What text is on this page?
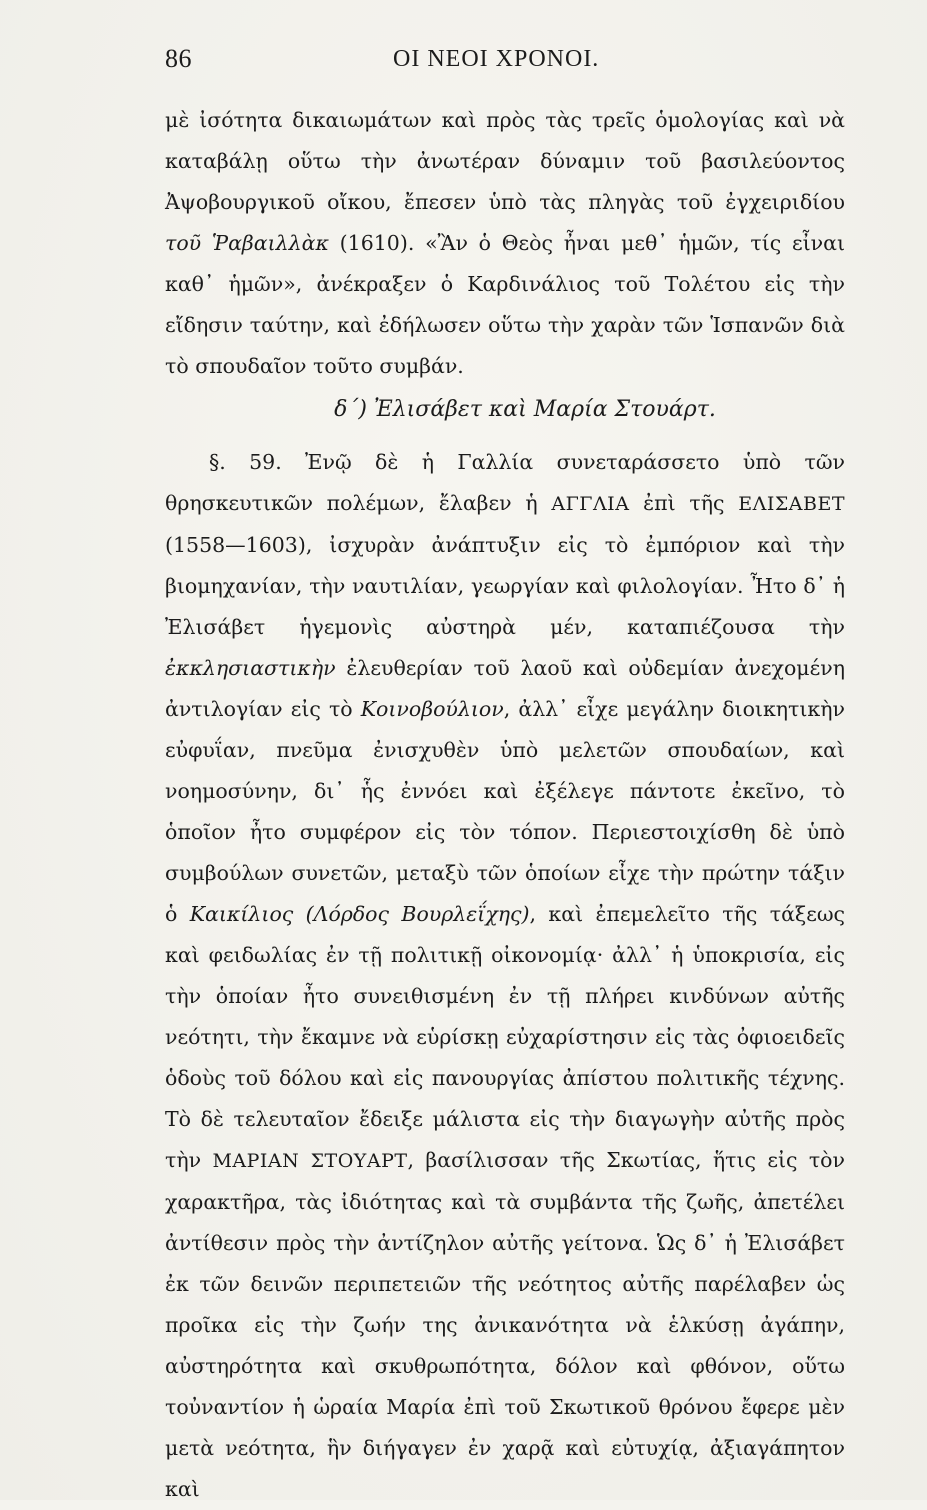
86	ΟΙ ΝΕΟΙ ΧΡΟΝΟΙ.

μὲ ἰσότητα δικαιωμάτων καὶ πρὸς τὰς τρεῖς ὁμολογίας καὶ νὰ καταβάλῃ οὕτω τὴν ἀνωτέραν δύναμιν τοῦ βασιλεύοντος Ἀψοβουργικοῦ οἴκου, ἔπεσεν ὑπὸ τὰς πληγὰς τοῦ ἐγχειριδίου τοῦ Ῥαβαιλλὰκ (1610). «Ἂν ὁ Θεὸς ἦναι μεθ᾽ ἡμῶν, τίς εἶναι καθ᾽ ἡμῶν», ἀνέκραξεν ὁ Καρδινάλιος τοῦ Τολέτου εἰς τὴν εἴδησιν ταύτην, καὶ ἐδήλωσεν οὕτω τὴν χαρὰν τῶν Ἱσπανῶν διὰ τὸ σπουδαῖον τοῦτο συμβάν.

δ´) Ἐλισάβετ καὶ Μαρία Στουάρτ.

§. 59. Ἐνῷ δὲ ἡ Γαλλία συνεταράσσετο ὑπὸ τῶν θρησκευτικῶν πολέμων, ἔλαβεν ἡ ΑΓΓΛΙΑ ἐπὶ τῆς ΕΛΙΣΑΒΕΤ (1558—1603), ἰσχυρὰν ἀνάπτυξιν εἰς τὸ ἐμπόριον καὶ τὴν βιομηχανίαν, τὴν ναυτιλίαν, γεωργίαν καὶ φιλολογίαν. Ἦτο δ᾽ ἡ Ἐλισάβετ ἡγεμονὶς αὐστηρὰ μέν, καταπιέζουσα τὴν ἐκκλησιαστικὴν ἐλευθερίαν τοῦ λαοῦ καὶ οὐδεμίαν ἀνεχομένη ἀντιλογίαν εἰς τὸ Κοινοβούλιον, ἀλλ᾽ εἶχε μεγάλην διοικητικὴν εὐφυΐαν, πνεῦμα ἐνισχυθὲν ὑπὸ μελετῶν σπουδαίων, καὶ νοημοσύνην, δι᾽ ἧς ἐννόει καὶ ἐξέλεγε πάντοτε ἐκεῖνο, τὸ ὁποῖον ἦτο συμφέρον εἰς τὸν τόπον. Περιεστοιχίσθη δὲ ὑπὸ συμβούλων συνετῶν, μεταξὺ τῶν ὁποίων εἶχε τὴν πρώτην τάξιν ὁ Καικίλιος (Λόρδος Βουρλεΐχης), καὶ ἐπεμελεῖτο τῆς τάξεως καὶ φειδωλίας ἐν τῇ πολιτικῇ οἰκονομίᾳ· ἀλλ᾽ ἡ ὑποκρισία, εἰς τὴν ὁποίαν ἦτο συνειθισμένη ἐν τῇ πλήρει κινδύνων αὐτῆς νεότητι, τὴν ἔκαμνε νὰ εὑρίσκῃ εὐχαρίστησιν εἰς τὰς ὀφιοειδεῖς ὁδοὺς τοῦ δόλου καὶ εἰς πανουργίας ἀπίστου πολιτικῆς τέχνης. Τὸ δὲ τελευταῖον ἔδειξε μάλιστα εἰς τὴν διαγωγὴν αὐτῆς πρὸς τὴν ΜΑΡΙΑΝ ΣΤΟΥΑΡΤ, βασίλισσαν τῆς Σκωτίας, ἥτις εἰς τὸν χαρακτῆρα, τὰς ἰδιότητας καὶ τὰ συμβάντα τῆς ζωῆς, ἀπετέλει ἀντίθεσιν πρὸς τὴν ἀντίζηλον αὐτῆς γείτονα. Ὡς δ᾽ ἡ Ἐλισάβετ ἐκ τῶν δεινῶν περιπετειῶν τῆς νεότητος αὐτῆς παρέλαβεν ὡς προῖκα εἰς τὴν ζωήν της ἀνικανότητα νὰ ἑλκύσῃ ἀγάπην, αὐστηρότητα καὶ σκυθρωπότητα, δόλον καὶ φθόνον, οὕτω τοὐναντίον ἡ ὡραία Μαρία ἐπὶ τοῦ Σκωτικοῦ θρόνου ἔφερε μὲν μετὰ νεότητα, ἣν διήγαγεν ἐν χαρᾷ καὶ εὐτυχίᾳ, ἀξιαγάπητον καὶ
